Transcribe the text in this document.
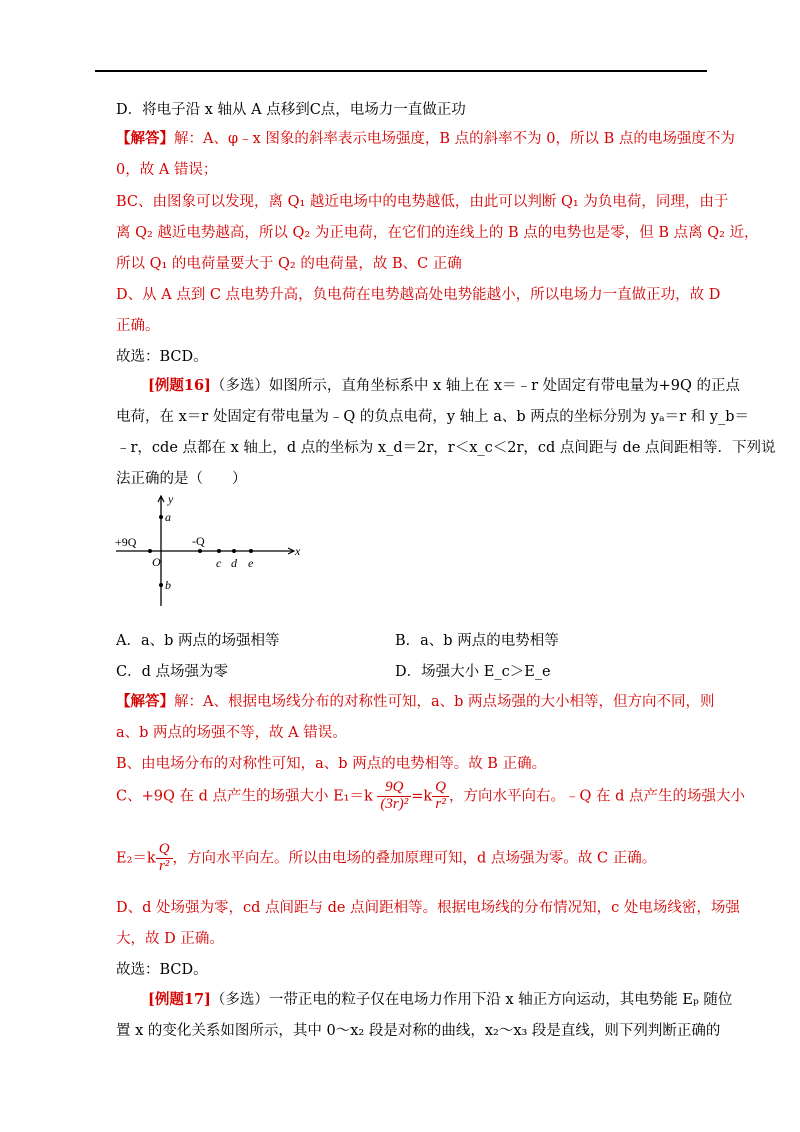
D．将电子沿 x 轴从 A 点移到C点，电场力一直做正功
【解答】解：A、φ﹣x 图象的斜率表示电场强度，B 点的斜率不为 0，所以 B 点的电场强度不为
0，故 A 错误；
BC、由图象可以发现，离 Q₁ 越近电场中的电势越低，由此可以判断 Q₁ 为负电荷，同理，由于
离 Q₂ 越近电势越高，所以 Q₂ 为正电荷，在它们的连线上的 B 点的电势也是零，但 B 点离 Q₂ 近，
所以 Q₁ 的电荷量要大于 Q₂ 的电荷量，故 B、C 正确
D、从 A 点到 C 点电势升高，负电荷在电势越高处电势能越小，所以电场力一直做正功，故 D
正确。
故选：BCD。
[例题16]（多选）如图所示，直角坐标系中 x 轴上在 x＝﹣r 处固定有带电量为+9Q 的正点
电荷，在 x＝r 处固定有带电量为﹣Q 的负点电荷，y 轴上 a、b 两点的坐标分别为 yₐ＝r 和 y_b＝
﹣r，cde 点都在 x 轴上，d 点的坐标为 x_d＝2r，r＜x_c＜2r，cd 点间距与 de 点间距相等．下列说
法正确的是（　　）
y
x
a
b
+9Q	-Q
O	c d e
A．a、b 两点的场强相等	B．a、b 两点的电势相等
C．d 点场强为零	D．场强大小 E_c＞E_e
【解答】解：A、根据电场线分布的对称性可知，a、b 两点场强的大小相等，但方向不同，则
a、b 两点的场强不等，故 A 错误。
B、由电场分布的对称性可知，a、b 两点的电势相等。故 B 正确。
C、+9Q 在 d 点产生的场强大小 $E_1=k \frac{9Q}{\text{(3r)²}} =k \frac{Q}{\text{r²}}$ ，方向水平向右。﹣Q 在 d 点产生的场强大小
$E_2=k \frac{Q}{\text{r²}}$ ，方向水平向左。所以由电场的叠加原理可知，d 点场强为零。故 C 正确。
D、d 处场强为零，cd 点间距与 de 点间距相等。根据电场线的分布情况知，c 处电场线密，场强
大，故 D 正确。
故选：BCD。
[例题17]（多选）一带正电的粒子仅在电场力作用下沿 x 轴正方向运动，其电势能 Eₚ 随位
置 x 的变化关系如图所示，其中 0～x₂ 段是对称的曲线，x₂～x₃ 段是直线，则下列判断正确的
